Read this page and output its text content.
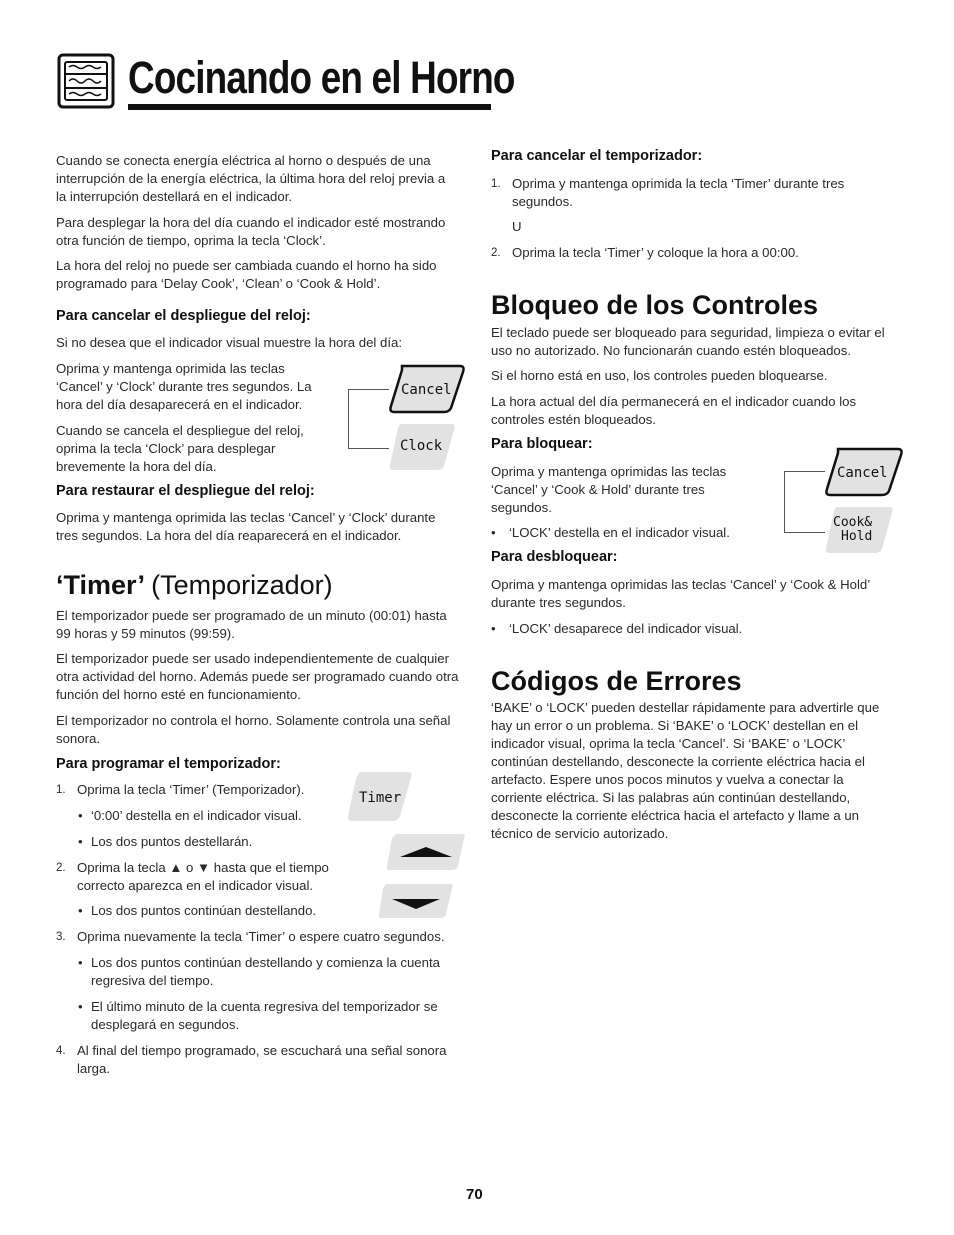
Cocinando en el Horno

Cuando se conecta energía eléctrica al horno o después de una

interrupción de la energía eléctrica, la última hora del reloj previa a

la interrupción destellará en el indicador.

Para desplegar la hora del día cuando el indicador esté mostrando

otra función de tiempo, oprima la tecla ‘Clock’.

La hora del reloj no puede ser cambiada cuando el horno ha sido

programado para ‘Delay Cook’, ‘Clean’ o ‘Cook & Hold’.

Para cancelar el despliegue del reloj:

Si no desea que el indicador visual muestre la hora del día:

Oprima y mantenga oprimida las teclas

‘Cancel’ y ‘Clock’ durante tres segundos. La

hora del día desaparecerá en el indicador.

Cuando se cancela el despliegue del reloj,

oprima la tecla ‘Clock’ para desplegar

brevemente la hora del día.

Cancel
Clock
Para restaurar el despliegue del reloj:

Oprima y mantenga oprimida las teclas ‘Cancel’ y ‘Clock’ durante

tres segundos. La hora del día reaparecerá en el indicador.

‘Timer’ (Temporizador)

El temporizador puede ser programado de un minuto (00:01) hasta

99 horas y 59 minutos (99:59).

El temporizador puede ser usado independientemente de cualquier

otra actividad del horno. Además puede ser programado cuando otra

función del horno esté en funcionamiento.

El temporizador no controla el horno. Solamente controla una señal

sonora.

Para programar el temporizador:
1. Oprima la tecla ‘Timer’ (Temporizador).
• ‘0:00’ destella en el indicador visual.
• Los dos puntos destellarán.
2. Oprima la tecla ▲ o ▼ hasta que el tiempo
correcto aparezca en el indicador visual.
• Los dos puntos continúan destellando.
3. Oprima nuevamente la tecla ‘Timer’ o espere cuatro segundos.
• Los dos puntos continúan destellando y comienza la cuenta

regresiva del tiempo.

• El último minuto de la cuenta regresiva del temporizador se

desplegará en segundos.

4. Al final del tiempo programado, se escuchará una señal sonora

larga.

Timer
Para cancelar el temporizador:
1. Oprima y mantenga oprimida la tecla ‘Timer’ durante tres

segundos.

U
2. Oprima la tecla ‘Timer’ y coloque la hora a 00:00.
Bloqueo de los Controles

El teclado puede ser bloqueado para seguridad, limpieza o evitar el

uso no autorizado. No funcionarán cuando estén bloqueados.

Si el horno está en uso, los controles pueden bloquearse.

La hora actual del día permanecerá en el indicador cuando los

controles estén bloqueados.

Para bloquear:

Oprima y mantenga oprimidas las teclas

‘Cancel’ y ‘Cook & Hold’ durante tres

segundos.

• ‘LOCK’ destella en el indicador visual.
Cancel
Cook&
Hold
Para desbloquear:

Oprima y mantenga oprimidas las teclas ‘Cancel’ y ‘Cook & Hold’

durante tres segundos.

• ‘LOCK’ desaparece del indicador visual.
Códigos de Errores

‘BAKE’ o ‘LOCK’ pueden destellar rápidamente para advertirle que

hay un error o un problema. Si ‘BAKE’ o ‘LOCK’ destellan en el

indicador visual, oprima la tecla ‘Cancel’. Si ‘BAKE’ o ‘LOCK’

continúan destellando, desconecte la corriente eléctrica hacia el

artefacto. Espere unos pocos minutos y vuelva a conectar la

corriente eléctrica. Si las palabras aún continúan destellando,

desconecte la corriente eléctrica hacia el artefacto y llame a un

técnico de servicio autorizado.

70
